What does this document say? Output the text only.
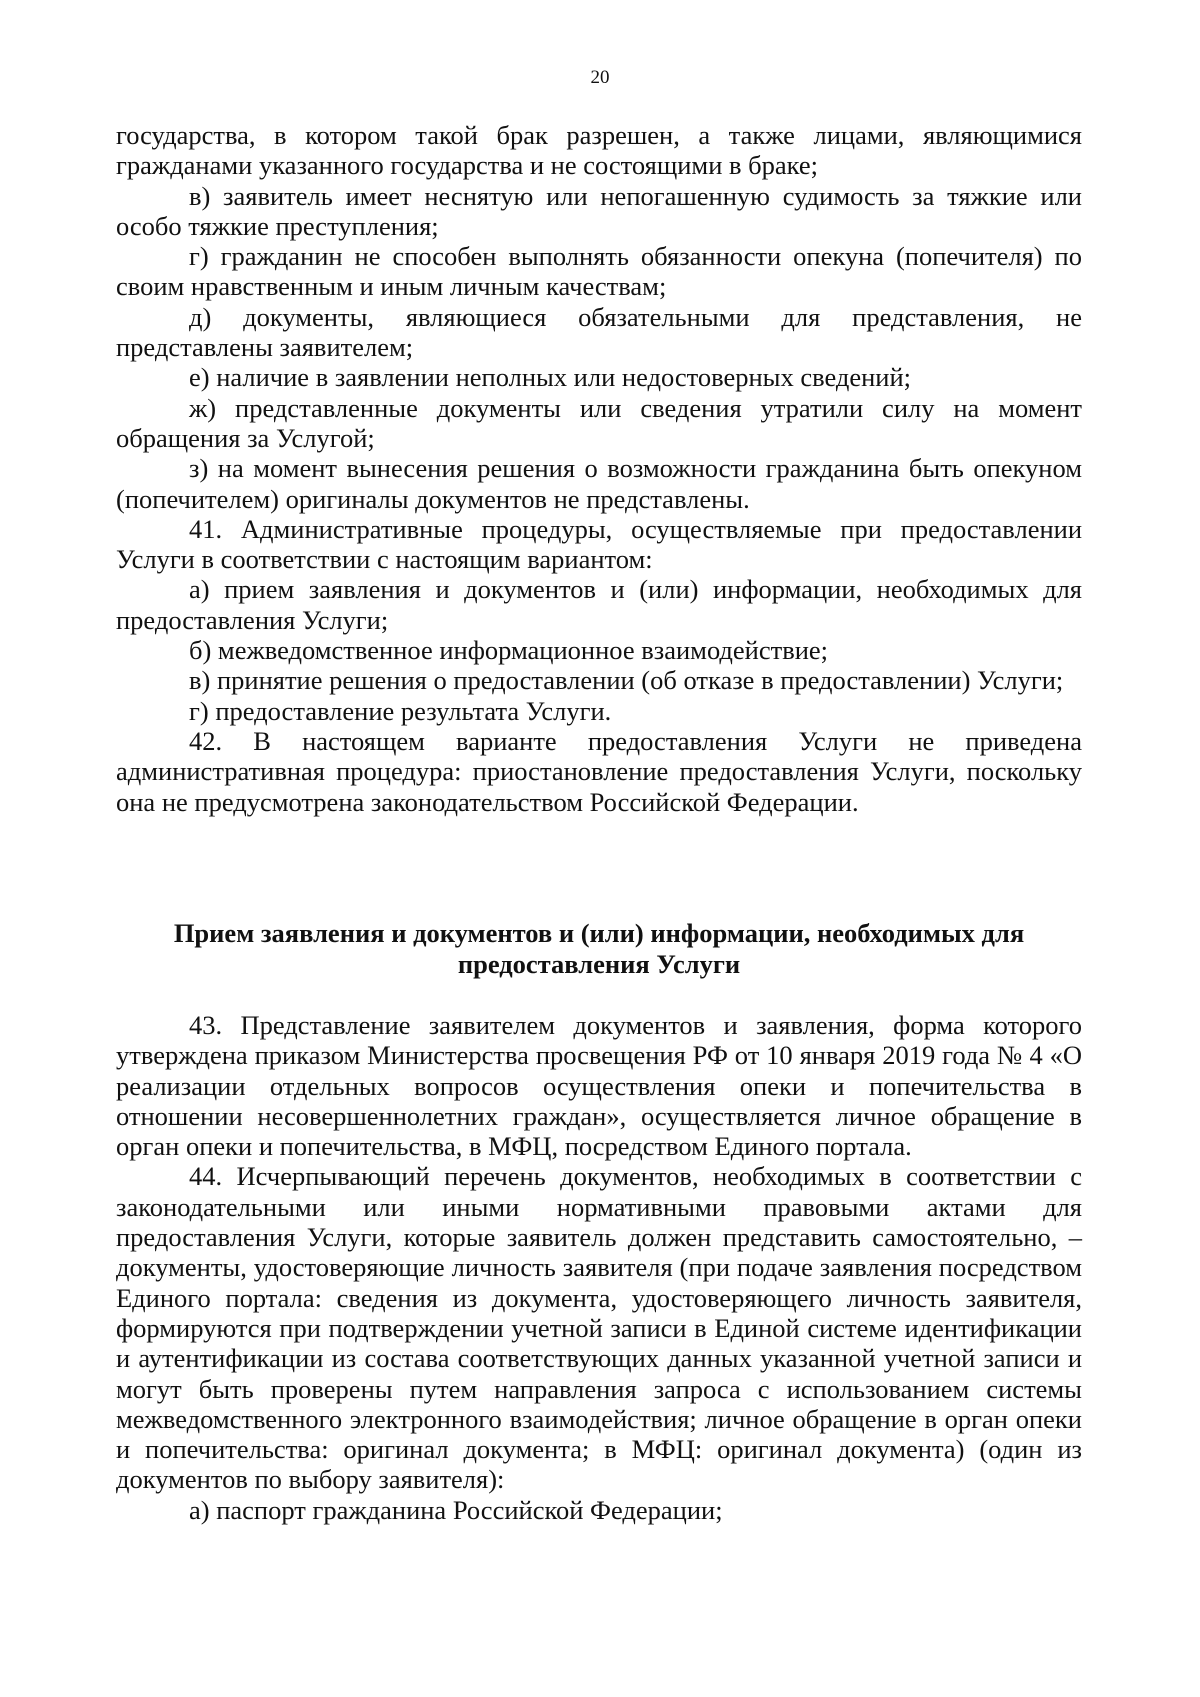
20

государства, в котором такой брак разрешен, а также лицами, являющимися гражданами указанного государства и не состоящими в браке;

в) заявитель имеет неснятую или непогашенную судимость за тяжкие или особо тяжкие преступления;

г) гражданин не способен выполнять обязанности опекуна (попечителя) по своим нравственным и иным личным качествам;

д) документы, являющиеся обязательными для представления, не представлены заявителем;

е) наличие в заявлении неполных или недостоверных сведений;

ж) представленные документы или сведения утратили силу на момент обращения за Услугой;

з) на момент вынесения решения о возможности гражданина быть опекуном (попечителем) оригиналы документов не представлены.

41. Административные процедуры, осуществляемые при предоставлении Услуги в соответствии с настоящим вариантом:

а) прием заявления и документов и (или) информации, необходимых для предоставления Услуги;

б) межведомственное информационное взаимодействие;

в) принятие решения о предоставлении (об отказе в предоставлении) Услуги;

г) предоставление результата Услуги.

42. В настоящем варианте предоставления Услуги не приведена административная процедура: приостановление предоставления Услуги, поскольку она не предусмотрена законодательством Российской Федерации.

Прием заявления и документов и (или) информации, необходимых для
предоставления Услуги

43. Представление заявителем документов и заявления, форма которого утверждена приказом Министерства просвещения РФ от 10 января 2019 года № 4 «О реализации отдельных вопросов осуществления опеки и попечительства в отношении несовершеннолетних граждан», осуществляется личное обращение в орган опеки и попечительства, в МФЦ, посредством Единого портала.

44. Исчерпывающий перечень документов, необходимых в соответствии с законодательными или иными нормативными правовыми актами для предоставления Услуги, которые заявитель должен представить самостоятельно, – документы, удостоверяющие личность заявителя (при подаче заявления посредством Единого портала: сведения из документа, удостоверяющего личность заявителя, формируются при подтверждении учетной записи в Единой системе идентификации и аутентификации из состава соответствующих данных указанной учетной записи и могут быть проверены путем направления запроса с использованием системы межведомственного электронного взаимодействия; личное обращение в орган опеки и попечительства: оригинал документа; в МФЦ: оригинал документа) (один из документов по выбору заявителя):

а) паспорт гражданина Российской Федерации;
